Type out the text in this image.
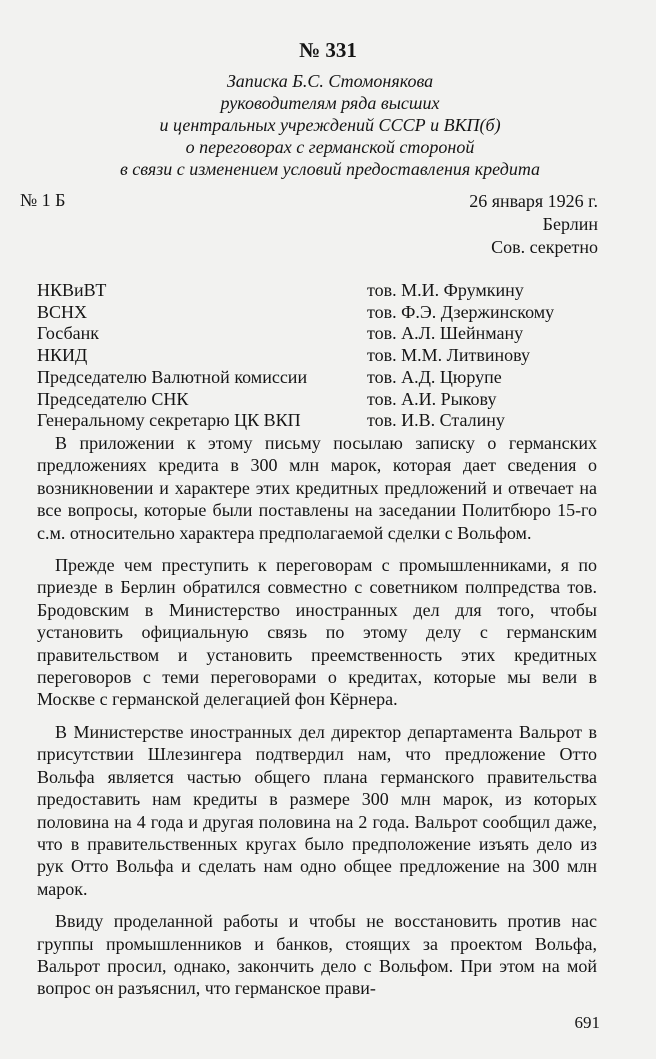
№ 331
Записка Б.С. Стомонякова
руководителям ряда высших
и центральных учреждений СССР и ВКП(б)
о переговорах с германской стороной
в связи с изменением условий предоставления кредита
№ 1 Б	26 января 1926 г.
Берлин
Сов. секретно
НКВиВТ	тов. М.И. Фрумкину
ВСНХ	тов. Ф.Э. Дзержинскому
Госбанк	тов. А.Л. Шейнману
НКИД	тов. М.М. Литвинову
Председателю Валютной комиссии	тов. А.Д. Цюрупе
Председателю СНК	тов. А.И. Рыкову
Генеральному секретарю ЦК ВКП	тов. И.В. Сталину

В приложении к этому письму посылаю записку о германских предложениях кредита в 300 млн марок, которая дает сведения о возникновении и характере этих кредитных предложений и отвечает на все вопросы, которые были поставлены на заседании Политбюро 15-го с.м. относительно характера предполагаемой сделки с Вольфом.

Прежде чем преступить к переговорам с промышленниками, я по приезде в Берлин обратился совместно с советником полпредства тов. Бродовским в Министерство иностранных дел для того, чтобы установить официальную связь по этому делу с германским правительством и установить преемственность этих кредитных переговоров с теми переговорами о кредитах, которые мы вели в Москве с германской делегацией фон Кёрнера.

В Министерстве иностранных дел директор департамента Вальрот в присутствии Шлезингера подтвердил нам, что предложение Отто Вольфа является частью общего плана германского правительства предоставить нам кредиты в размере 300 млн марок, из которых половина на 4 года и другая половина на 2 года. Вальрот сообщил даже, что в правительственных кругах было предположение изъять дело из рук Отто Вольфа и сделать нам одно общее предложение на 300 млн марок.

Ввиду проделанной работы и чтобы не восстановить против нас группы промышленников и банков, стоящих за проектом Вольфа, Вальрот просил, однако, закончить дело с Вольфом. При этом на мой вопрос он разъяснил, что германское прави-

691
